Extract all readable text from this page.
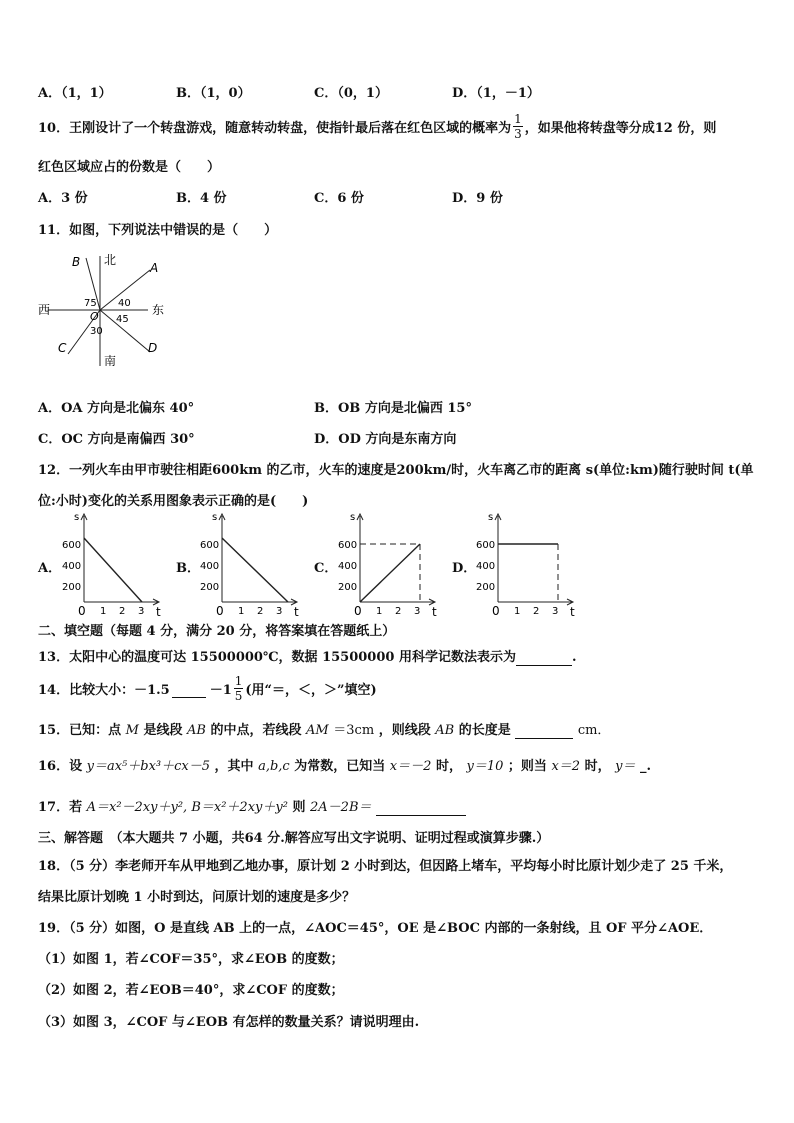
A．（1，1）	B．（1，0）	C．（0，1）	D．（1，－1）
10．王刚设计了一个转盘游戏，随意转动转盘，使指针最后落在红色区域的概率为 $\frac{1}{3}$ ，如果他将转盘等分成12 份，则
红色区域应占的份数是（　　）
A．3 份	B．4 份	C．6 份	D．9 份
11．如图，下列说法中错误的是（　　）
北
南
西	东
A
B
C	D
O
40
45
75
30
A．OA 方向是北偏东 40°	B．OB 方向是北偏西 15°
C．OC 方向是南偏西 30°	D．OD 方向是东南方向
12．一列火车由甲市驶往相距600km 的乙市，火车的速度是200km/时，火车离乙市的距离 s(单位:km)随行驶时间 t(单
位:小时)变化的关系用图象表示正确的是(　　)
A．	B．	C．	D．
s
t
600
400
200
0 1 2 3
s
t
600
400
200
0 1 2 3
s
t
600
400
200
0 1 2 3
s
t
600
400
200
0 1 2 3
二、填空题（每题 4 分，满分 20 分，将答案填在答题纸上）
13．太阳中心的温度可达 15500000℃，数据 15500000 用科学记数法表示为	.
14．比较大小：－1.5	$-1 \frac{1}{5}$ (用“＝，＜，＞”填空)
15．已知：点 M 是线段 AB 的中点，若线段 AM ＝3cm ，则线段 AB 的长度是	cm．
16．设 y＝ax⁵＋bx³＋cx－5 ，其中 a,b,c 为常数，已知当 x＝－2 时， y＝10 ；则当 x＝2 时， y＝ _.
17．若 A＝x²－2xy＋y², B＝x²＋2xy＋y² 则 2A－2B＝
三、解答题　（本大题共 7 小题，共64 分.解答应写出文字说明、证明过程或演算步骤.）
18．（5 分）李老师开车从甲地到乙地办事，原计划 2 小时到达，但因路上堵车，平均每小时比原计划少走了 25 千米，
结果比原计划晚 1 小时到达，问原计划的速度是多少？
19．（5 分）如图，O 是直线 AB 上的一点，∠AOC＝45°，OE 是∠BOC 内部的一条射线，且 OF 平分∠AOE．
（1）如图 1，若∠COF＝35°，求∠EOB 的度数；
（2）如图 2，若∠EOB＝40°，求∠COF 的度数；
（3）如图 3，∠COF 与∠EOB 有怎样的数量关系？请说明理由.
